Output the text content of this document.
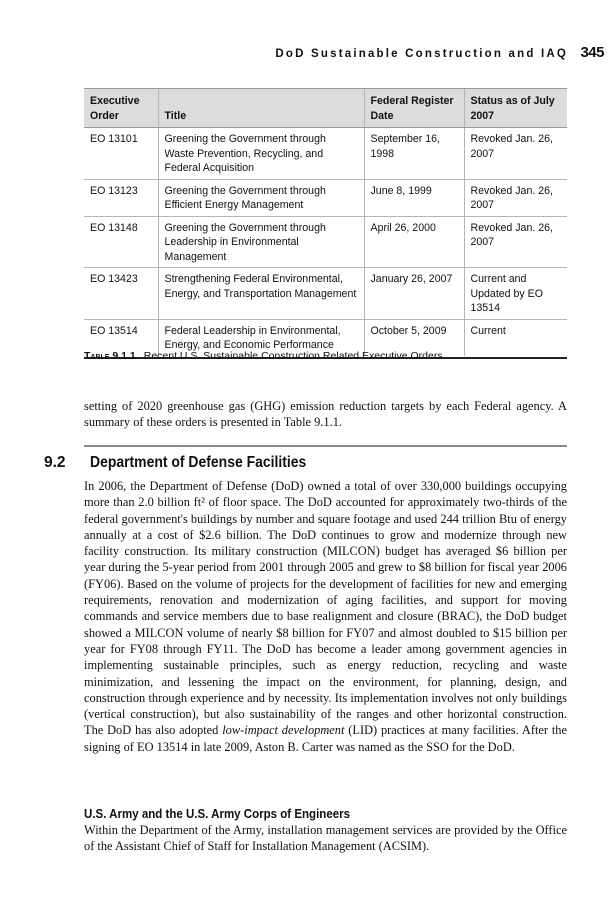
DoD Sustainable Construction and IAQ 345
Executive Order	Title	Federal Register Date	Status as of July 2007
EO 13101	Greening the Government through Waste Prevention, Recycling, and Federal Acquisition	September 16, 1998	Revoked Jan. 26, 2007
EO 13123	Greening the Government through Efficient Energy Management	June 8, 1999	Revoked Jan. 26, 2007
EO 13148	Greening the Government through Leadership in Environmental Management	April 26, 2000	Revoked Jan. 26, 2007
EO 13423	Strengthening Federal Environmental, Energy, and Transportation Management	January 26, 2007	Current and Updated by EO 13514
EO 13514	Federal Leadership in Environmental, Energy, and Economic Performance	October 5, 2009	Current
Table 9.1.1 Recent U.S. Sustainable Construction Related Executive Orders

setting of 2020 greenhouse gas (GHG) emission reduction targets by each Federal agency. A summary of these orders is presented in Table 9.1.1.

9.2 Department of Defense Facilities

In 2006, the Department of Defense (DoD) owned a total of over 330,000 buildings occupying more than 2.0 billion ft² of floor space. The DoD accounted for approximately two-thirds of the federal government's buildings by number and square footage and used 244 trillion Btu of energy annually at a cost of $2.6 billion. The DoD continues to grow and modernize through new facility construction. Its military construction (MILCON) budget has averaged $6 billion per year during the 5-year period from 2001 through 2005 and grew to $8 billion for fiscal year 2006 (FY06). Based on the volume of projects for the development of facilities for new and emerging requirements, renovation and modernization of aging facilities, and support for moving commands and service members due to base realignment and closure (BRAC), the DoD budget showed a MILCON volume of nearly $8 billion for FY07 and almost doubled to $15 billion per year for FY08 through FY11. The DoD has become a leader among government agencies in implementing sustainable principles, such as energy reduction, recycling and waste minimization, and lessening the impact on the environment, for planning, design, and construction through experience and by necessity. Its implementation involves not only buildings (vertical construction), but also sustainability of the ranges and other horizontal construction. The DoD has also adopted low-impact development (LID) practices at many facilities. After the signing of EO 13514 in late 2009, Aston B. Carter was named as the SSO for the DoD.

U.S. Army and the U.S. Army Corps of Engineers

Within the Department of the Army, installation management services are provided by the Office of the Assistant Chief of Staff for Installation Management (ACSIM).
